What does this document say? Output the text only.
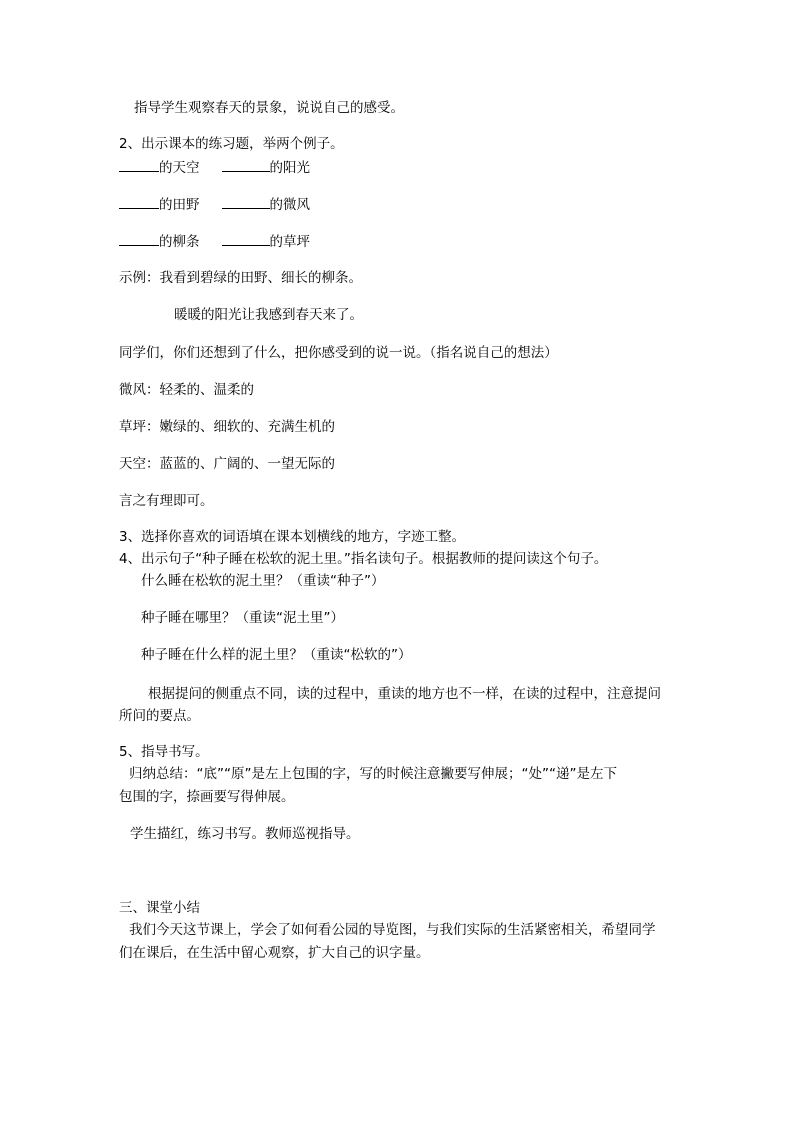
指导学生观察春天的景象，说说自己的感受。
2、出示课本的练习题，举两个例子。
的天空	的阳光
的田野	的微风
的柳条	的草坪
示例：我看到碧绿的田野、细长的柳条。
暖暖的阳光让我感到春天来了。
同学们，你们还想到了什么，把你感受到的说一说。（指名说自己的想法）
微风：轻柔的、温柔的
草坪：嫩绿的、细软的、充满生机的
天空：蓝蓝的、广阔的、一望无际的
言之有理即可。
3、选择你喜欢的词语填在课本划横线的地方，字迹工整。
4、出示句子“种子睡在松软的泥土里。”指名读句子。根据教师的提问读这个句子。
什么睡在松软的泥土里？（重读“种子”）
种子睡在哪里？（重读“泥土里”）
种子睡在什么样的泥土里？（重读“松软的”）
根据提问的侧重点不同，读的过程中，重读的地方也不一样，在读的过程中，注意提问
所问的要点。
5、指导书写。
归纳总结：“底”“原”是左上包围的字，写的时候注意撇要写伸展；“处”“递”是左下
包围的字，捺画要写得伸展。
学生描红，练习书写。教师巡视指导。
三、课堂小结
我们今天这节课上，学会了如何看公园的导览图，与我们实际的生活紧密相关，希望同学
们在课后，在生活中留心观察，扩大自己的识字量。
